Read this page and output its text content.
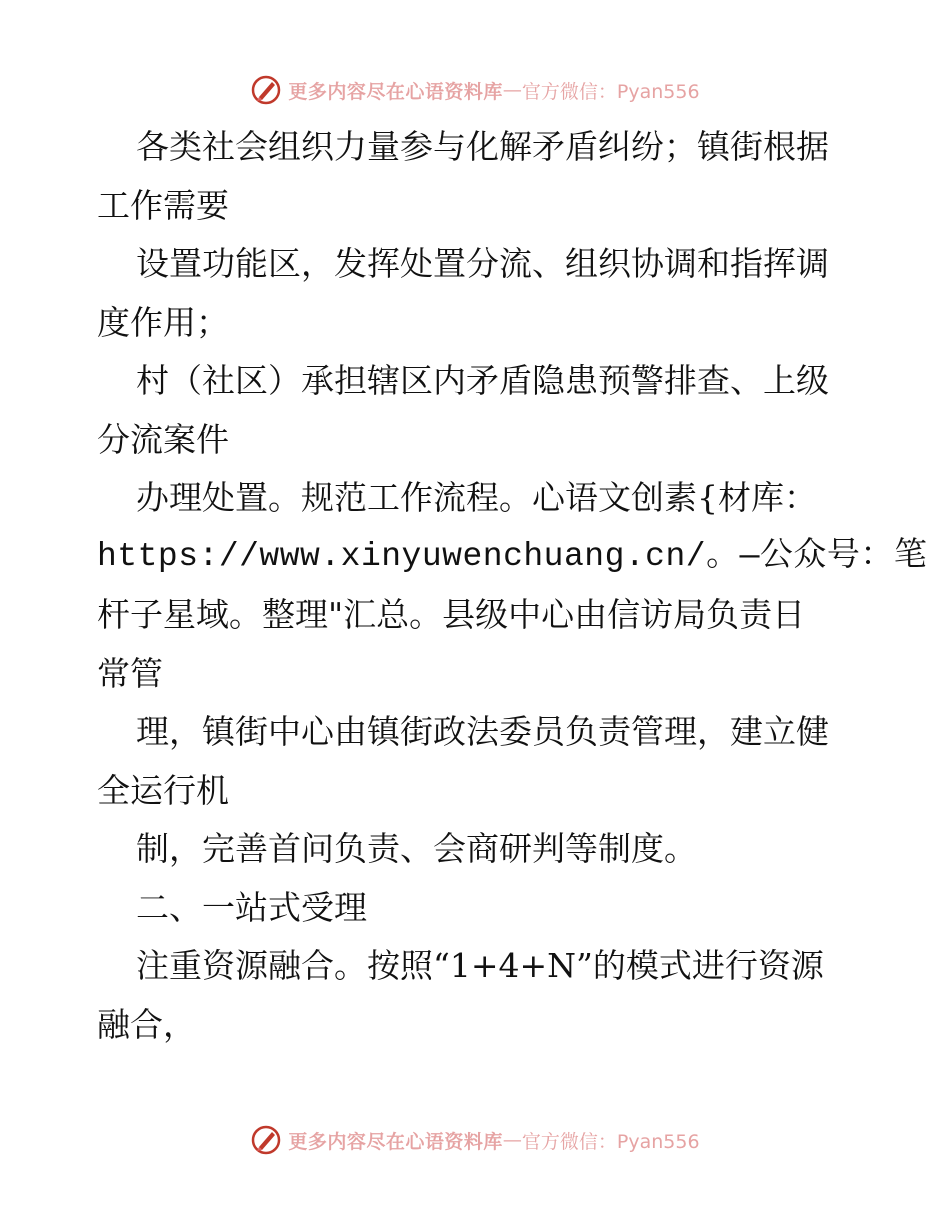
更多内容尽在心语资料库 — 官方微信：Pyan556
各类社会组织力量参与化解矛盾纠纷；镇街根据
工作需要
设置功能区，发挥处置分流、组织协调和指挥调
度作用；
村（社区）承担辖区内矛盾隐患预警排查、上级
分流案件
办理处置。规范工作流程。心语文创素{材库：
https://www.xinyuwenchuang.cn/。—公众号：笔
杆子星域。整理"汇总。县级中心由信访局负责日
常管
理，镇街中心由镇街政法委员负责管理，建立健
全运行机
制，完善首问负责、会商研判等制度。
二、一站式受理
注重资源融合。按照“1+4+N”的模式进行资源
融合，
更多内容尽在心语资料库 — 官方微信：Pyan556
